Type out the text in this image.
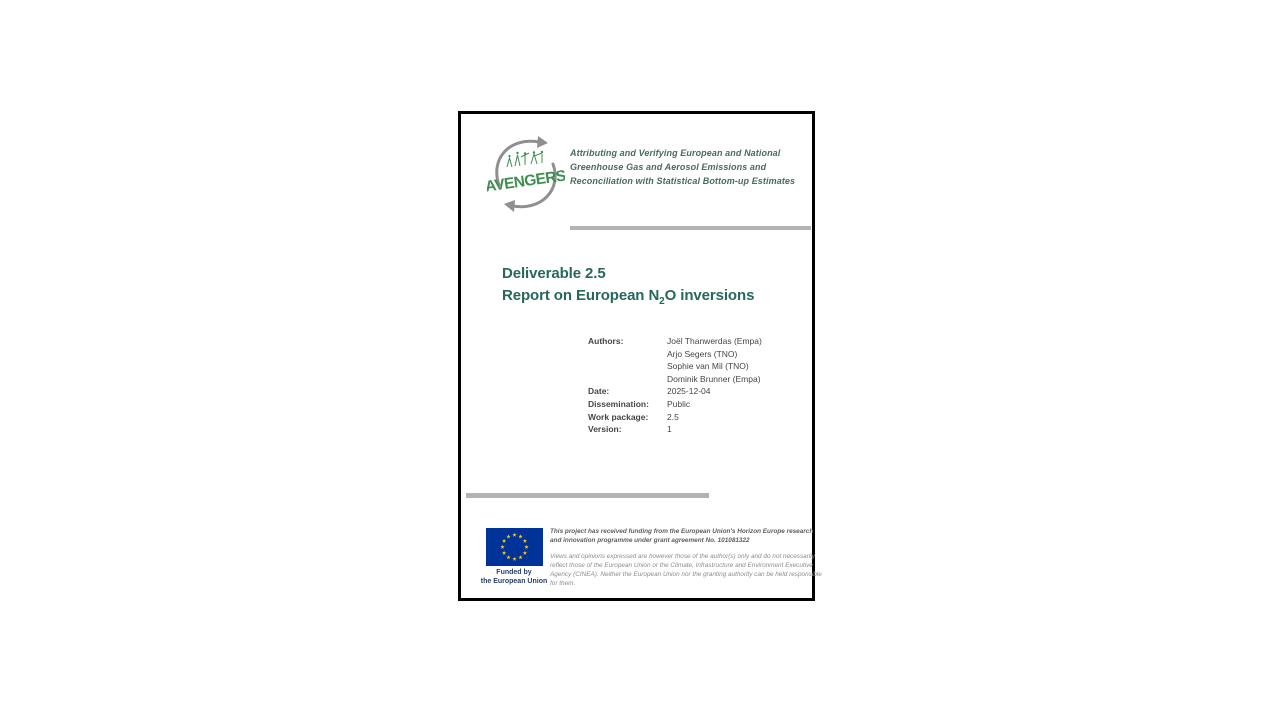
AVENGERS
Attributing and Verifying European and National
Greenhouse Gas and Aerosol Emissions and
Reconciliation with Statistical Bottom-up Estimates
Deliverable 2.5
Report on European $N_2O$ inversions
Authors:	Joël Thanwerdas (Empa)
Arjo Segers (TNO)
Sophie van Mil (TNO)
Dominik Brunner (Empa)
Date:	2025-12-04
Dissemination:	Public
Work package:	2.5
Version:	1
Funded by
the European Union
This project has received funding from the European Union's Horizon Europe research and innovation programme under grant agreement No. 101081322
Views and opinions expressed are however those of the author(s) only and do not necessarily reflect those of the European Union or the Climate, Infrastructure and Environment Executive Agency (CINEA). Neither the European Union nor the granting authority can be held responsible for them.
